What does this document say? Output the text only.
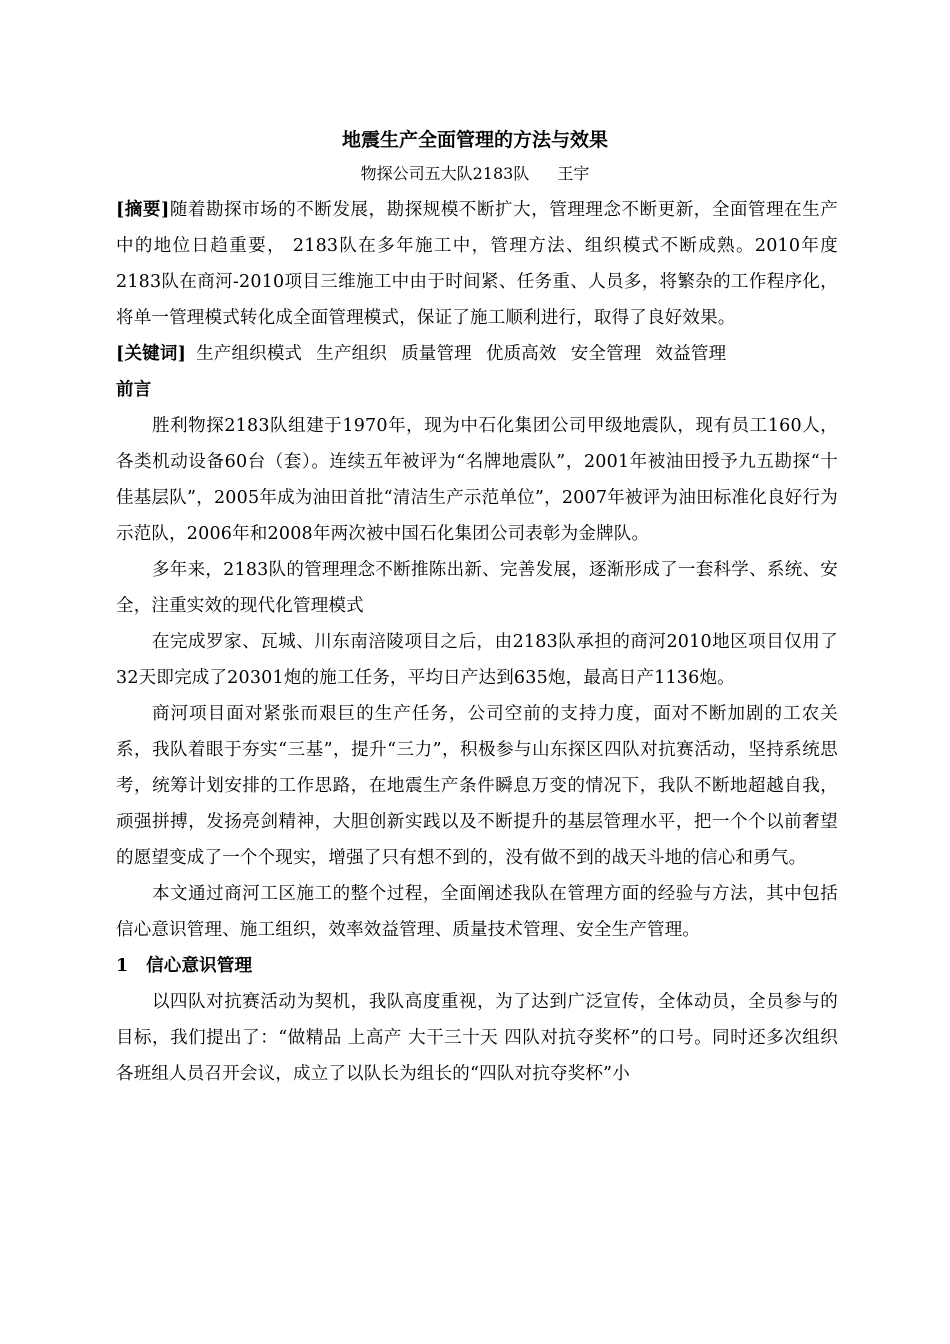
地震生产全面管理的方法与效果
物探公司五大队2183队 王宇

[摘要]随着勘探市场的不断发展，勘探规模不断扩大，管理理念不断更新，全面管理在生产中的地位日趋重要， 2183队在多年施工中，管理方法、组织模式不断成熟。2010年度2183队在商河-2010项目三维施工中由于时间紧、任务重、人员多，将繁杂的工作程序化，将单一管理模式转化成全面管理模式，保证了施工顺利进行，取得了良好效果。

[关键词] 生产组织模式 生产组织 质量管理 优质高效 安全管理 效益管理

前言

胜利物探2183队组建于1970年，现为中石化集团公司甲级地震队，现有员工160人，各类机动设备60台（套）。连续五年被评为“名牌地震队”，2001年被油田授予九五勘探“十佳基层队”，2005年成为油田首批“清洁生产示范单位”，2007年被评为油田标准化良好行为示范队，2006年和2008年两次被中国石化集团公司表彰为金牌队。

多年来，2183队的管理理念不断推陈出新、完善发展，逐渐形成了一套科学、系统、安全，注重实效的现代化管理模式

在完成罗家、瓦城、川东南涪陵项目之后，由2183队承担的商河2010地区项目仅用了32天即完成了20301炮的施工任务，平均日产达到635炮，最高日产1136炮。

商河项目面对紧张而艰巨的生产任务，公司空前的支持力度，面对不断加剧的工农关系，我队着眼于夯实“三基”，提升“三力”，积极参与山东探区四队对抗赛活动，坚持系统思考，统筹计划安排的工作思路，在地震生产条件瞬息万变的情况下，我队不断地超越自我，顽强拼搏，发扬亮剑精神，大胆创新实践以及不断提升的基层管理水平，把一个个以前奢望的愿望变成了一个个现实，增强了只有想不到的，没有做不到的战天斗地的信心和勇气。

本文通过商河工区施工的整个过程，全面阐述我队在管理方面的经验与方法，其中包括信心意识管理、施工组织，效率效益管理、质量技术管理、安全生产管理。

1 信心意识管理

以四队对抗赛活动为契机，我队高度重视，为了达到广泛宣传，全体动员，全员参与的目标，我们提出了：“做精品 上高产 大干三十天 四队对抗夺奖杯”的口号。同时还多次组织各班组人员召开会议，成立了以队长为组长的“四队对抗夺奖杯”小
